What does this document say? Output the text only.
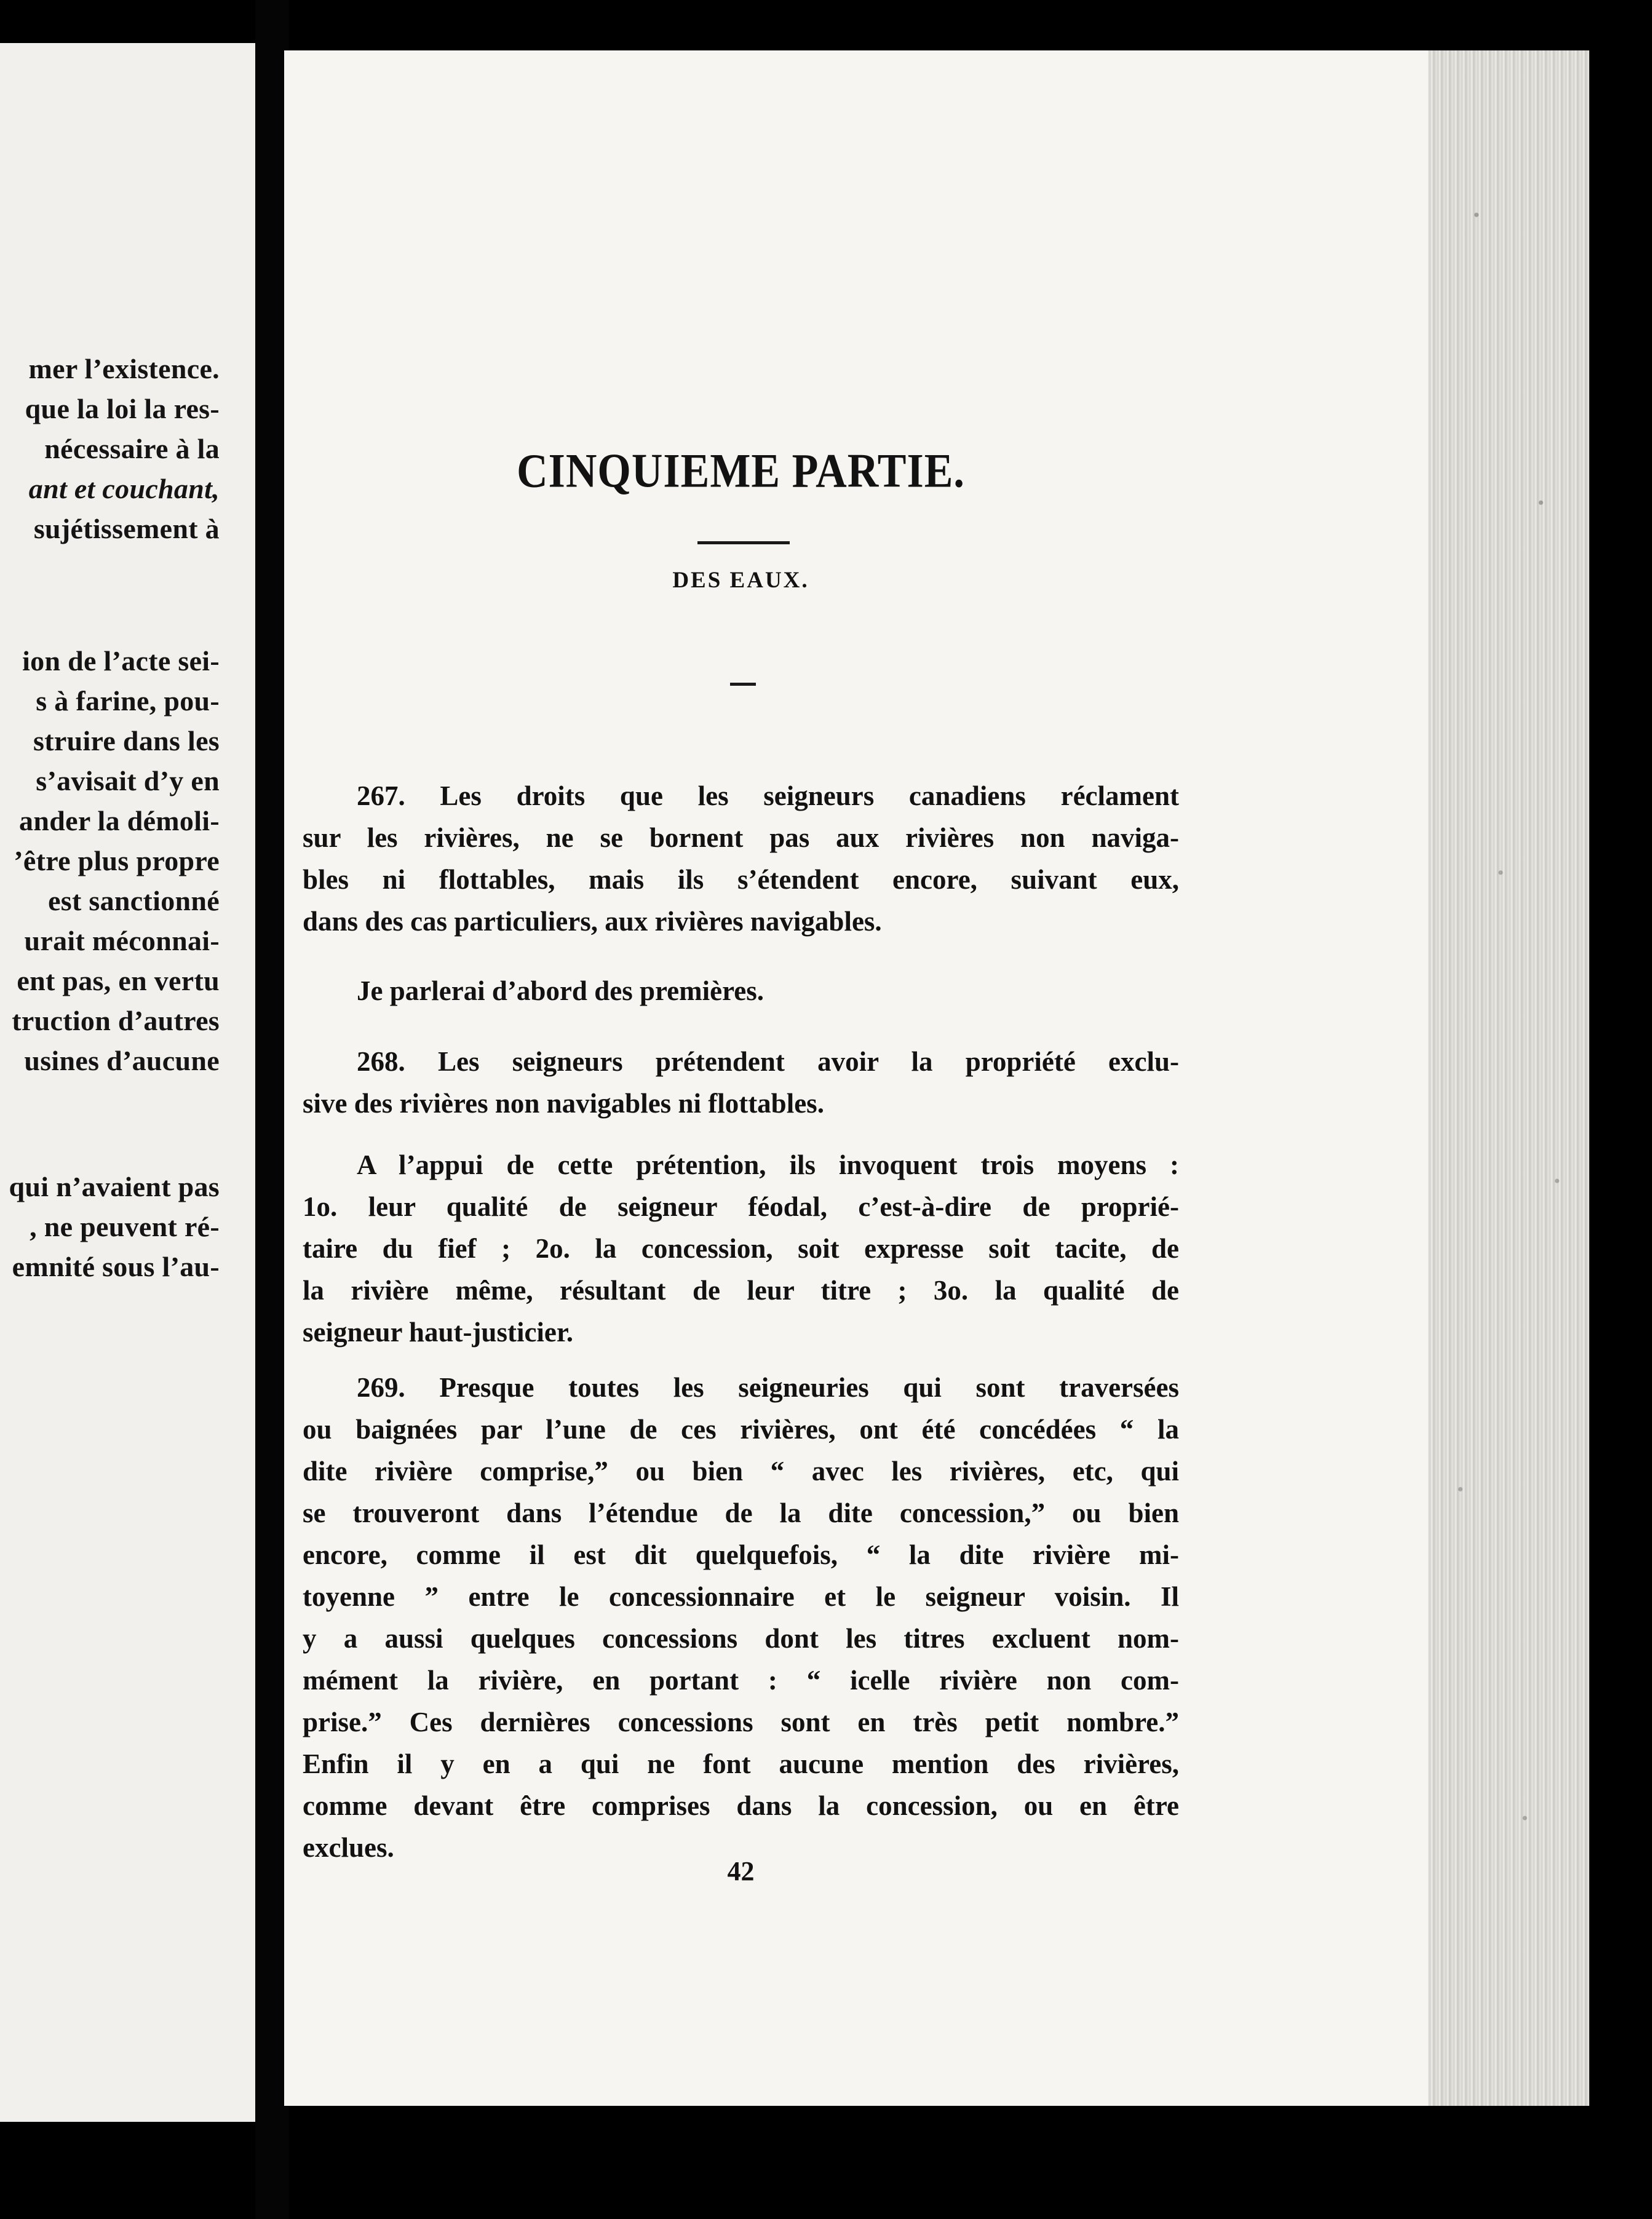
mer l’existence.
que la loi la res-
nécessaire à la
ant et couchant,
sujétissement à
ion de l’acte sei-
s à farine, pou-
struire dans les
s’avisait d’y en
ander la démoli-
’être plus propre
est sanctionné
urait méconnai-
ent pas, en vertu
truction d’autres
usines d’aucune
qui n’avaient pas
, ne peuvent ré-
emnité sous l’au-
CINQUIEME PARTIE.
DES EAUX.
267. Les droits que les seigneurs canadiens réclament
sur les rivières, ne se bornent pas aux rivières non naviga-
bles ni flottables, mais ils s’étendent encore, suivant eux,
dans des cas particuliers, aux rivières navigables.
Je parlerai d’abord des premières.
268. Les seigneurs prétendent avoir la propriété exclu-
sive des rivières non navigables ni flottables.
A l’appui de cette prétention, ils invoquent trois moyens :
1o. leur qualité de seigneur féodal, c’est-à-dire de proprié-
taire du fief ; 2o. la concession, soit expresse soit tacite, de
la rivière même, résultant de leur titre ; 3o. la qualité de
seigneur haut-justicier.
269. Presque toutes les seigneuries qui sont traversées
ou baignées par l’une de ces rivières, ont été concédées “ la
dite rivière comprise,” ou bien “ avec les rivières, etc, qui
se trouveront dans l’étendue de la dite concession,” ou bien
encore, comme il est dit quelquefois, “ la dite rivière mi-
toyenne ” entre le concessionnaire et le seigneur voisin. Il
y a aussi quelques concessions dont les titres excluent nom-
mément la rivière, en portant : “ icelle rivière non com-
prise.” Ces dernières concessions sont en très petit nombre.”
Enfin il y en a qui ne font aucune mention des rivières,
comme devant être comprises dans la concession, ou en être
exclues.
42
